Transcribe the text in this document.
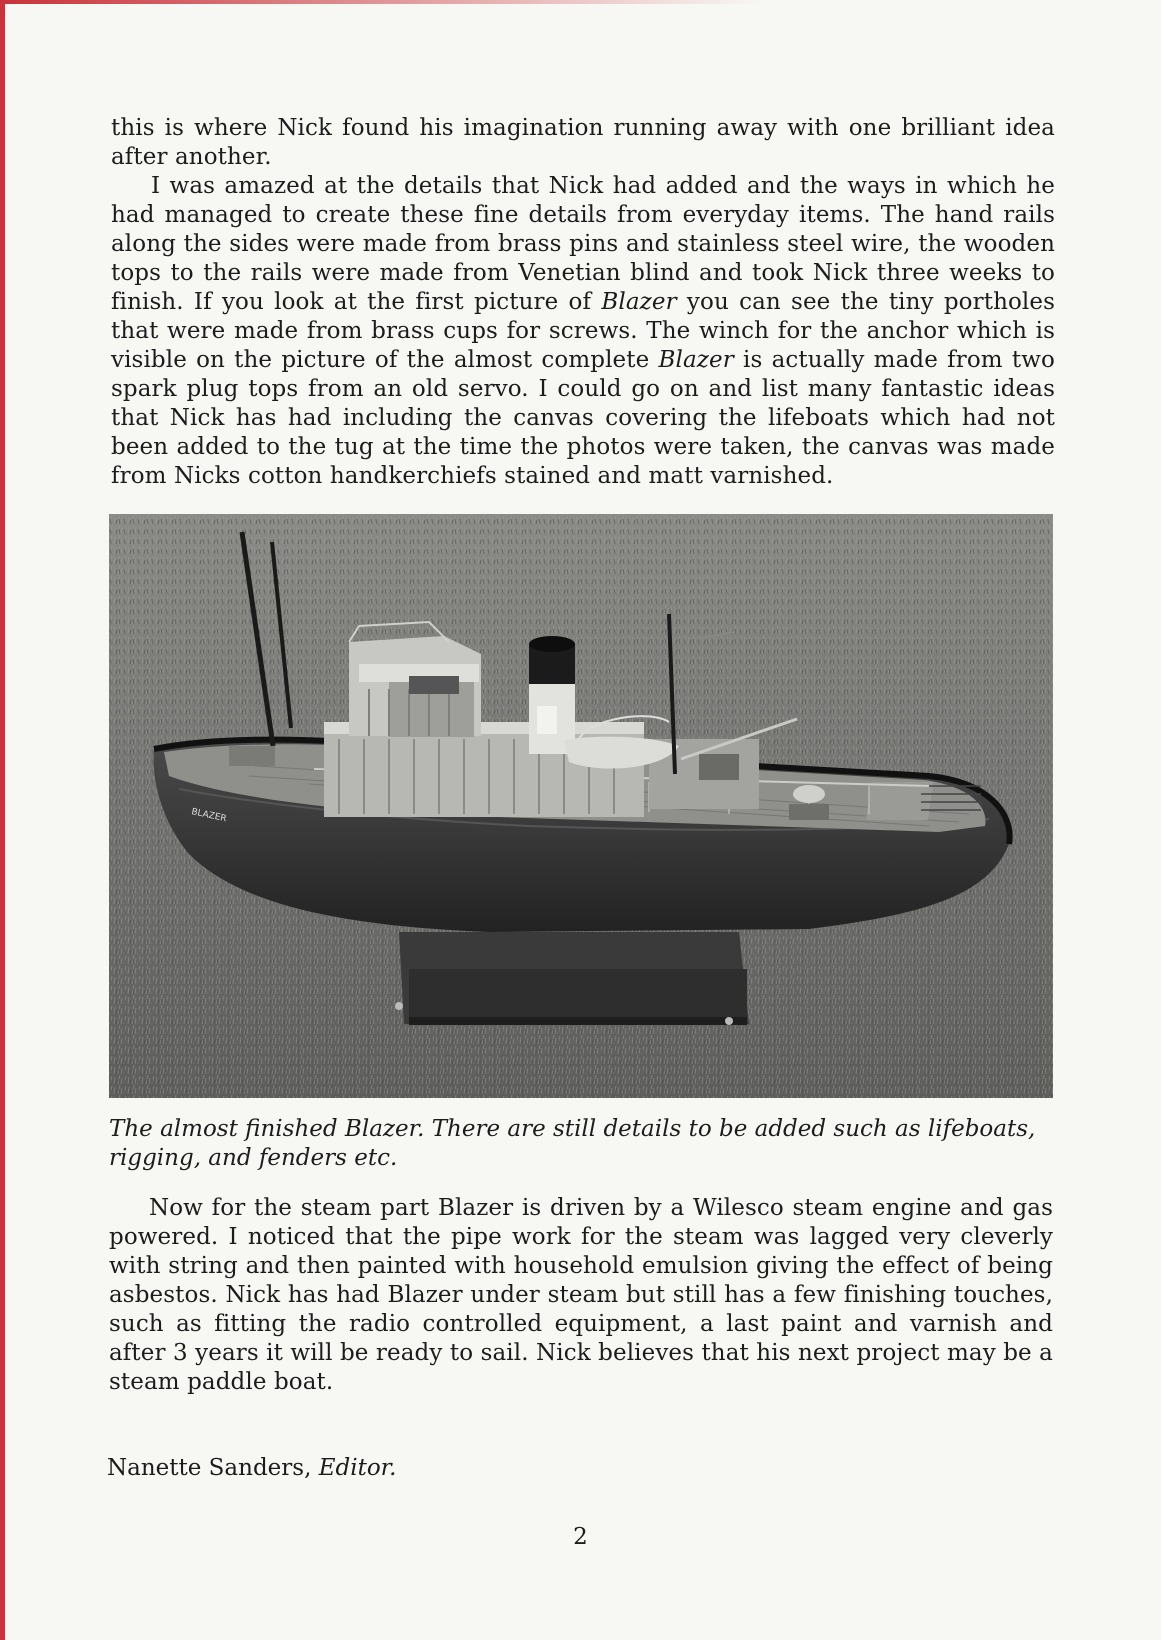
this is where Nick found his imagination running away with one brilliant idea after another.

I was amazed at the details that Nick had added and the ways in which he had managed to create these fine details from everyday items. The hand rails along the sides were made from brass pins and stainless steel wire, the wooden tops to the rails were made from Venetian blind and took Nick three weeks to finish. If you look at the first picture of Blazer you can see the tiny portholes that were made from brass cups for screws. The winch for the anchor which is visible on the picture of the almost complete Blazer is actually made from two spark plug tops from an old servo. I could go on and list many fantastic ideas that Nick has had including the canvas covering the lifeboats which had not been added to the tug at the time the photos were taken, the canvas was made from Nicks cotton handkerchiefs stained and matt varnished.

BLAZER

The almost finished Blazer. There are still details to be added such as lifeboats, rigging, and fenders etc.

Now for the steam part Blazer is driven by a Wilesco steam engine and gas powered. I noticed that the pipe work for the steam was lagged very cleverly with string and then painted with household emulsion giving the effect of being asbestos. Nick has had Blazer under steam but still has a few finishing touches, such as fitting the radio controlled equipment, a last paint and varnish and after 3 years it will be ready to sail. Nick believes that his next project may be a steam paddle boat.

Nanette Sanders, Editor.

2
